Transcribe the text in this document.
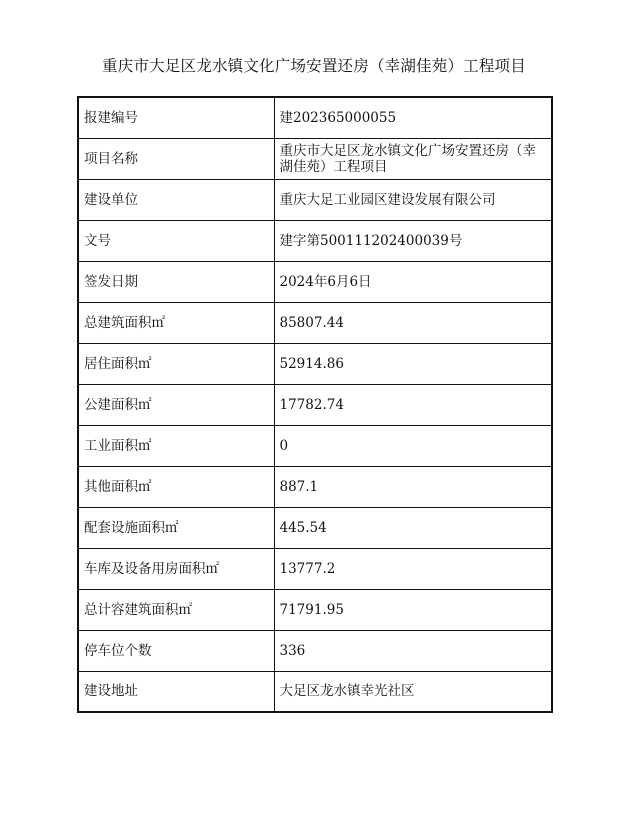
重庆市大足区龙水镇文化广场安置还房（幸湖佳苑）工程项目
报建编号	建202365000055
项目名称	重庆市大足区龙水镇文化广场安置还房（幸湖佳苑）工程项目
建设单位	重庆大足工业园区建设发展有限公司
文号	建字第500111202400039号
签发日期	2024年6月6日
总建筑面积㎡	85807.44
居住面积㎡	52914.86
公建面积㎡	17782.74
工业面积㎡	0
其他面积㎡	887.1
配套设施面积㎡	445.54
车库及设备用房面积㎡	13777.2
总计容建筑面积㎡	71791.95
停车位个数	336
建设地址	大足区龙水镇幸光社区
